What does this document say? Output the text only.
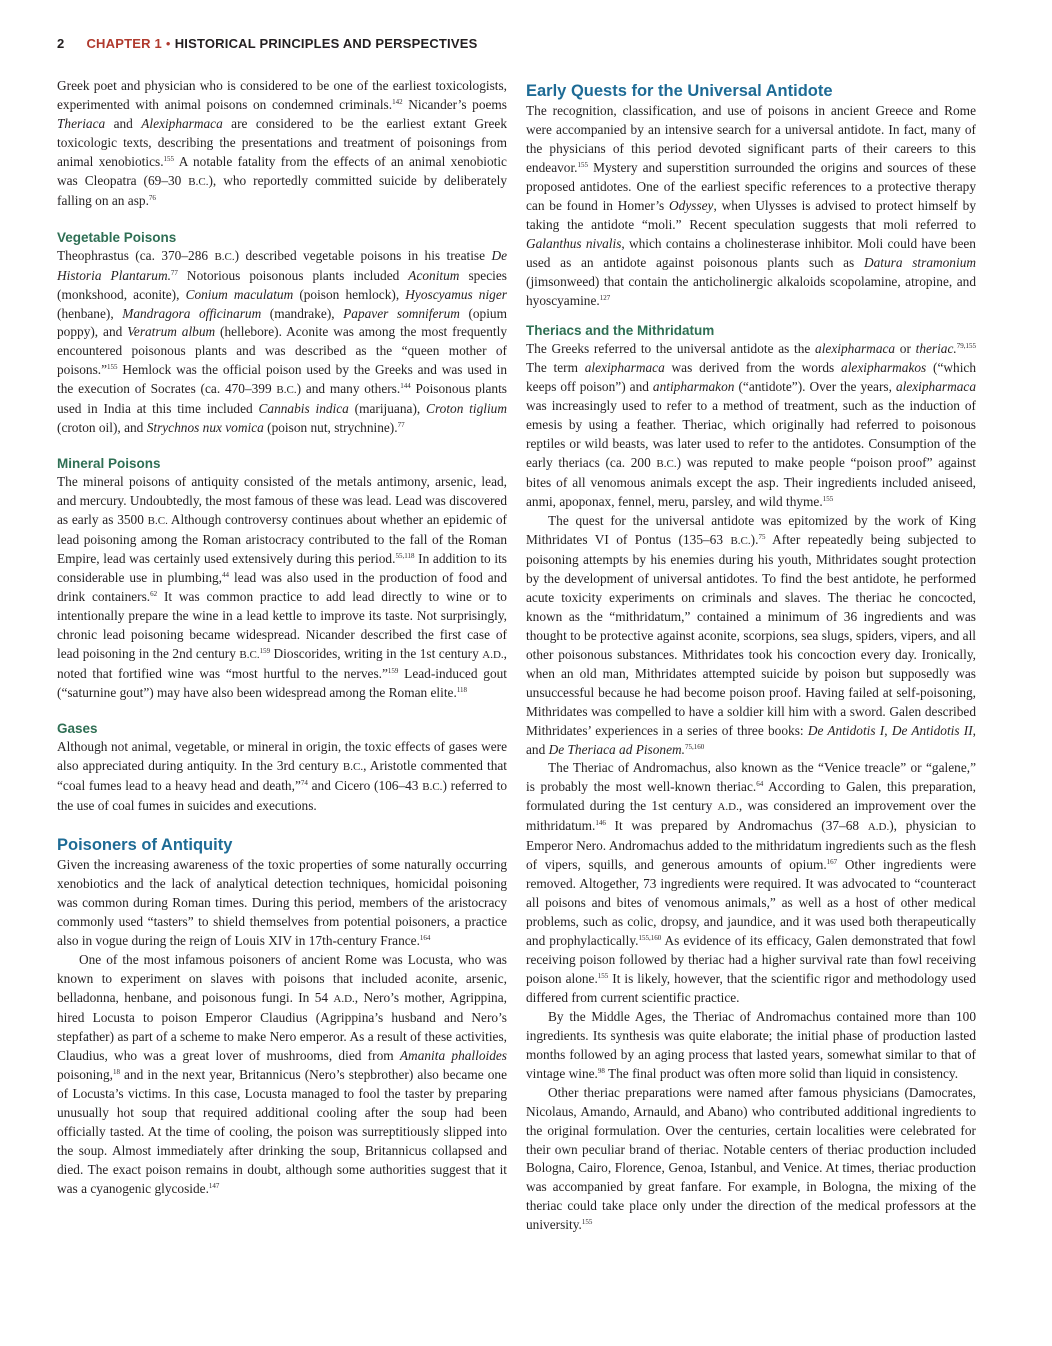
2 CHAPTER 1 • HISTORICAL PRINCIPLES AND PERSPECTIVES

Greek poet and physician who is considered to be one of the earliest toxicologists, experimented with animal poisons on condemned criminals.$^{142}$ Nicander’s poems Theriaca and Alexipharmaca are considered to be the earliest extant Greek toxicologic texts, describing the presentations and treatment of poisonings from animal xenobiotics.$^{155}$ A notable fatality from the effects of an animal xenobiotic was Cleopatra (69–30 B.C.), who reportedly committed suicide by deliberately falling on an asp.$^{76}$

Vegetable Poisons

Theophrastus (ca. 370–286 B.C.) described vegetable poisons in his treatise De Historia Plantarum.$^{77}$ Notorious poisonous plants included Aconitum species (monkshood, aconite), Conium maculatum (poison hemlock), Hyoscyamus niger (henbane), Mandragora officinarum (mandrake), Papaver somniferum (opium poppy), and Veratrum album (hellebore). Aconite was among the most frequently encountered poisonous plants and was described as the “queen mother of poisons.”$^{155}$ Hemlock was the official poison used by the Greeks and was used in the execution of Socrates (ca. 470–399 B.C.) and many others.$^{144}$ Poisonous plants used in India at this time included Cannabis indica (marijuana), Croton tiglium (croton oil), and Strychnos nux vomica (poison nut, strychnine).$^{77}$

Mineral Poisons

The mineral poisons of antiquity consisted of the metals antimony, arsenic, lead, and mercury. Undoubtedly, the most famous of these was lead. Lead was discovered as early as 3500 B.C. Although controversy continues about whether an epidemic of lead poisoning among the Roman aristocracy contributed to the fall of the Roman Empire, lead was certainly used extensively during this period.$^{55,118}$ In addition to its considerable use in plumbing,$^{44}$ lead was also used in the production of food and drink containers.$^{62}$ It was common practice to add lead directly to wine or to intentionally prepare the wine in a lead kettle to improve its taste. Not surprisingly, chronic lead poisoning became widespread. Nicander described the first case of lead poisoning in the 2nd century B.C.$^{159}$ Dioscorides, writing in the 1st century A.D., noted that fortified wine was “most hurtful to the nerves.”$^{159}$ Lead-induced gout (“saturnine gout”) may have also been widespread among the Roman elite.$^{118}$

Gases

Although not animal, vegetable, or mineral in origin, the toxic effects of gases were also appreciated during antiquity. In the 3rd century B.C., Aristotle commented that “coal fumes lead to a heavy head and death,”$^{74}$ and Cicero (106–43 B.C.) referred to the use of coal fumes in suicides and executions.

Poisoners of Antiquity

Given the increasing awareness of the toxic properties of some naturally occurring xenobiotics and the lack of analytical detection techniques, homicidal poisoning was common during Roman times. During this period, members of the aristocracy commonly used “tasters” to shield themselves from potential poisoners, a practice also in vogue during the reign of Louis XIV in 17th-century France.$^{164}$

One of the most infamous poisoners of ancient Rome was Locusta, who was known to experiment on slaves with poisons that included aconite, arsenic, belladonna, henbane, and poisonous fungi. In 54 A.D., Nero’s mother, Agrippina, hired Locusta to poison Emperor Claudius (Agrippina’s husband and Nero’s stepfather) as part of a scheme to make Nero emperor. As a result of these activities, Claudius, who was a great lover of mushrooms, died from Amanita phalloides poisoning,$^{18}$ and in the next year, Britannicus (Nero’s stepbrother) also became one of Locusta’s victims. In this case, Locusta managed to fool the taster by preparing unusually hot soup that required additional cooling after the soup had been officially tasted. At the time of cooling, the poison was surreptitiously slipped into the soup. Almost immediately after drinking the soup, Britannicus collapsed and died. The exact poison remains in doubt, although some authorities suggest that it was a cyanogenic glycoside.$^{147}$

Early Quests for the Universal Antidote

The recognition, classification, and use of poisons in ancient Greece and Rome were accompanied by an intensive search for a universal antidote. In fact, many of the physicians of this period devoted significant parts of their careers to this endeavor.$^{155}$ Mystery and superstition surrounded the origins and sources of these proposed antidotes. One of the earliest specific references to a protective therapy can be found in Homer’s Odyssey, when Ulysses is advised to protect himself by taking the antidote “moli.” Recent speculation suggests that moli referred to Galanthus nivalis, which contains a cholinesterase inhibitor. Moli could have been used as an antidote against poisonous plants such as Datura stramonium (jimsonweed) that contain the anticholinergic alkaloids scopolamine, atropine, and hyoscyamine.$^{127}$

Theriacs and the Mithridatum

The Greeks referred to the universal antidote as the alexipharmaca or theriac.$^{79,155}$ The term alexipharmaca was derived from the words alexipharmakos (“which keeps off poison”) and antipharmakon (“antidote”). Over the years, alexipharmaca was increasingly used to refer to a method of treatment, such as the induction of emesis by using a feather. Theriac, which originally had referred to poisonous reptiles or wild beasts, was later used to refer to the antidotes. Consumption of the early theriacs (ca. 200 B.C.) was reputed to make people “poison proof” against bites of all venomous animals except the asp. Their ingredients included aniseed, anmi, apoponax, fennel, meru, parsley, and wild thyme.$^{155}$

The quest for the universal antidote was epitomized by the work of King Mithridates VI of Pontus (135–63 B.C.).$^{75}$ After repeatedly being subjected to poisoning attempts by his enemies during his youth, Mithridates sought protection by the development of universal antidotes. To find the best antidote, he performed acute toxicity experiments on criminals and slaves. The theriac he concocted, known as the “mithridatum,” contained a minimum of 36 ingredients and was thought to be protective against aconite, scorpions, sea slugs, spiders, vipers, and all other poisonous substances. Mithridates took his concoction every day. Ironically, when an old man, Mithridates attempted suicide by poison but supposedly was unsuccessful because he had become poison proof. Having failed at self-poisoning, Mithridates was compelled to have a soldier kill him with a sword. Galen described Mithridates’ experiences in a series of three books: De Antidotis I, De Antidotis II, and De Theriaca ad Pisonem.$^{75,160}$

The Theriac of Andromachus, also known as the “Venice treacle” or “galene,” is probably the most well-known theriac.$^{64}$ According to Galen, this preparation, formulated during the 1st century A.D., was considered an improvement over the mithridatum.$^{146}$ It was prepared by Andromachus (37–68 A.D.), physician to Emperor Nero. Andromachus added to the mithridatum ingredients such as the flesh of vipers, squills, and generous amounts of opium.$^{167}$ Other ingredients were removed. Altogether, 73 ingredients were required. It was advocated to “counteract all poisons and bites of venomous animals,” as well as a host of other medical problems, such as colic, dropsy, and jaundice, and it was used both therapeutically and prophylactically.$^{155,160}$ As evidence of its efficacy, Galen demonstrated that fowl receiving poison followed by theriac had a higher survival rate than fowl receiving poison alone.$^{155}$ It is likely, however, that the scientific rigor and methodology used differed from current scientific practice.

By the Middle Ages, the Theriac of Andromachus contained more than 100 ingredients. Its synthesis was quite elaborate; the initial phase of production lasted months followed by an aging process that lasted years, somewhat similar to that of vintage wine.$^{98}$ The final product was often more solid than liquid in consistency.

Other theriac preparations were named after famous physicians (Damocrates, Nicolaus, Amando, Arnauld, and Abano) who contributed additional ingredients to the original formulation. Over the centuries, certain localities were celebrated for their own peculiar brand of theriac. Notable centers of theriac production included Bologna, Cairo, Florence, Genoa, Istanbul, and Venice. At times, theriac production was accompanied by great fanfare. For example, in Bologna, the mixing of the theriac could take place only under the direction of the medical professors at the university.$^{155}$
